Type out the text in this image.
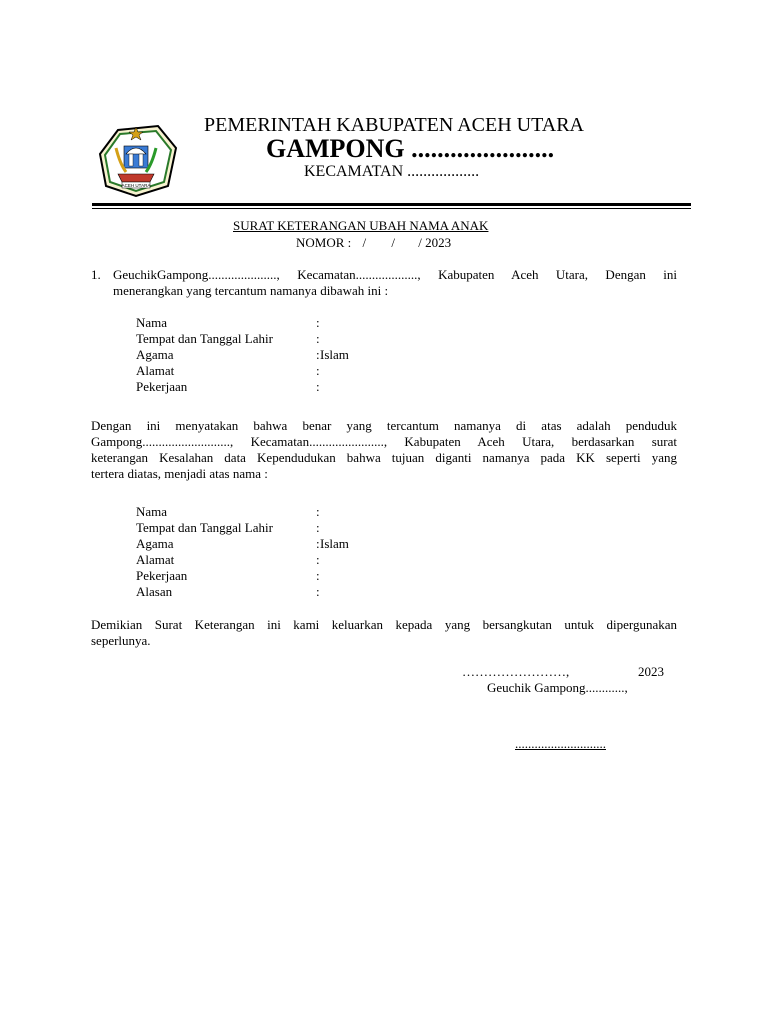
ACEH UTARA
PEMERINTAH KABUPATEN ACEH UTARA
GAMPONG ......................
KECAMATAN ..................
SURAT KETERANGAN UBAH NAMA ANAK
NOMOR : / / / 2023
1. GeuchikGampong....................., Kecamatan..................., Kabupaten Aceh Utara, Dengan ini
menerangkan yang tercantum namanya dibawah ini :
Nama	:
Tempat dan Tanggal Lahir	:
Agama	: Islam
Alamat	:
Pekerjaan	:
Dengan ini menyatakan bahwa benar yang tercantum namanya di atas adalah penduduk
Gampong..........................., Kecamatan......................., Kabupaten Aceh Utara, berdasarkan surat
keterangan Kesalahan data Kependudukan bahwa tujuan diganti namanya pada KK seperti yang
tertera diatas, menjadi atas nama :
Nama	:
Tempat dan Tanggal Lahir	:
Agama	: Islam
Alamat	:
Pekerjaan	:
Alasan	:
Demikian Surat Keterangan ini kami keluarkan kepada yang bersangkutan untuk dipergunakan
seperlunya.
……………………,	2023
Geuchik Gampong............,
............................
